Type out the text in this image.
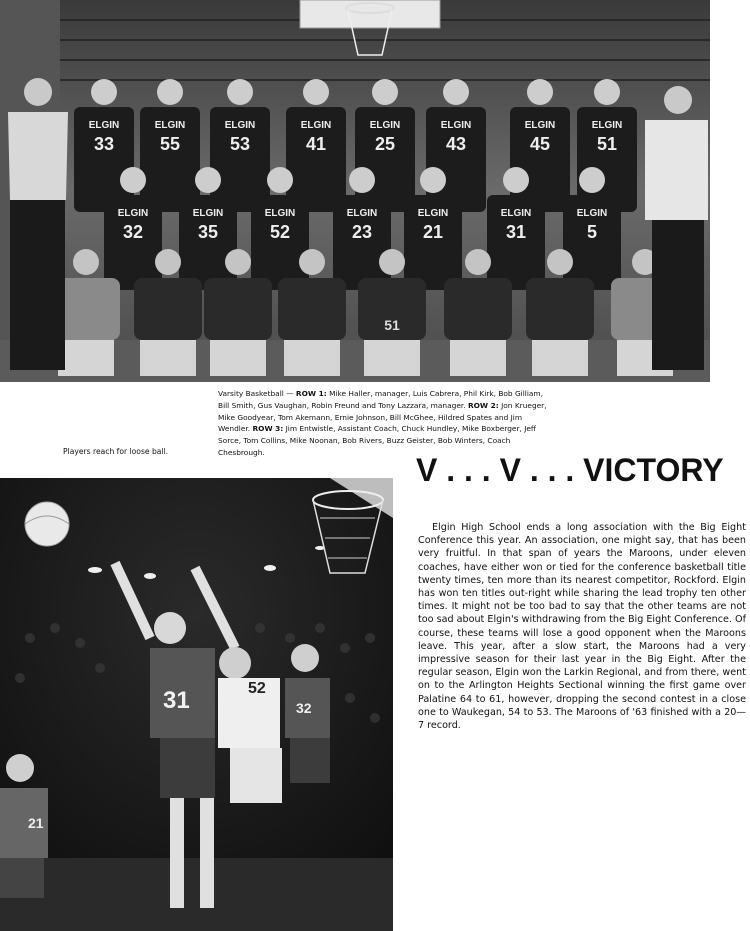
ELGIN
33
ELGIN
55
ELGIN
53
ELGIN
41
ELGIN
25
ELGIN
43
ELGIN
45
ELGIN
51
ELGIN
32
ELGIN
35
ELGIN
52
ELGIN
23
ELGIN
21
ELGIN
31
ELGIN
5
51
Varsity Basketball — ROW 1: Mike Haller, manager, Luis Cabrera, Phil Kirk, Bob Gilliam, Bill Smith, Gus Vaughan, Robin Freund and Tony Lazzara, manager. ROW 2: Jon Krueger, Mike Goodyear, Tom Akemann, Ernie Johnson, Bill McGhee, Hildred Spates and Jim Wendler. ROW 3: Jim Entwistle, Assistant Coach, Chuck Hundley, Mike Boxberger, Jeff Sorce, Tom Collins, Mike Noonan, Bob Rivers, Buzz Geister, Bob Winters, Coach Chesbrough.
Players reach for loose ball.
31	52
32
21
V . . . V . . . VICTORY

Elgin High School ends a long association with the Big Eight Conference this year. An association, one might say, that has been very fruitful. In that span of years the Maroons, under eleven coaches, have either won or tied for the conference basketball title twenty times, ten more than its nearest competitor, Rockford. Elgin has won ten titles out-right while sharing the lead trophy ten other times. It might not be too bad to say that the other teams are not too sad about Elgin's withdrawing from the Big Eight Conference. Of course, these teams will lose a good opponent when the Maroons leave. This year, after a slow start, the Maroons had a very impressive season for their last year in the Big Eight. After the regular season, Elgin won the Larkin Regional, and from there, went on to the Arlington Heights Sectional winning the first game over Palatine 64 to 61, however, dropping the second contest in a close one to Waukegan, 54 to 53. The Maroons of '63 finished with a 20—7 record.
